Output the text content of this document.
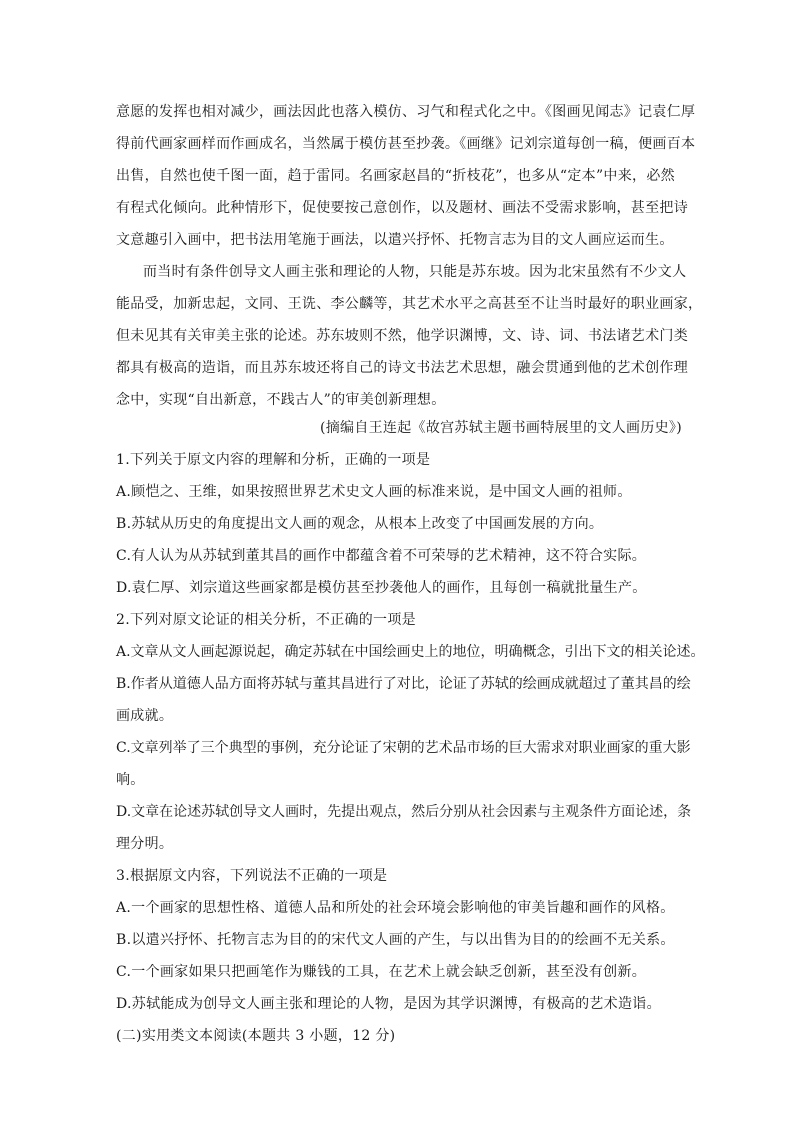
意愿的发挥也相对减少，画法因此也落入模仿、习气和程式化之中。《图画见闻志》记袁仁厚
得前代画家画样而作画成名，当然属于模仿甚至抄袭。《画继》记刘宗道每创一稿，便画百本
出售，自然也使千图一面，趋于雷同。名画家赵昌的“折枝花”，也多从“定本”中来，必然
有程式化倾向。此种情形下，促使要按己意创作，以及题材、画法不受需求影响，甚至把诗
文意趣引入画中，把书法用笔施于画法，以遣兴抒怀、托物言志为目的文人画应运而生。
而当时有条件创导文人画主张和理论的人物，只能是苏东坡。因为北宋虽然有不少文人
能品受，加新忠起，文同、王诜、李公麟等，其艺术水平之高甚至不让当时最好的职业画家，
但未见其有关审美主张的论述。苏东坡则不然，他学识渊博，文、诗、词、书法诸艺术门类
都具有极高的造诣，而且苏东坡还将自己的诗文书法艺术思想，融会贯通到他的艺术创作理
念中，实现“自出新意，不践古人”的审美创新理想。
(摘编自王连起《故宫苏轼主题书画特展里的文人画历史》)
1.下列关于原文内容的理解和分析，正确的一项是
A.顾恺之、王维，如果按照世界艺术史文人画的标准来说，是中国文人画的祖师。
B.苏轼从历史的角度提出文人画的观念，从根本上改变了中国画发展的方向。
C.有人认为从苏轼到董其昌的画作中都蕴含着不可荣辱的艺术精神，这不符合实际。
D.袁仁厚、刘宗道这些画家都是模仿甚至抄袭他人的画作，且每创一稿就批量生产。
2.下列对原文论证的相关分析，不正确的一项是
A.文章从文人画起源说起，确定苏轼在中国绘画史上的地位，明确概念，引出下文的相关论述。
B.作者从道德人品方面将苏轼与董其昌进行了对比，论证了苏轼的绘画成就超过了董其昌的绘
画成就。
C.文章列举了三个典型的事例，充分论证了宋朝的艺术品市场的巨大需求对职业画家的重大影
响。
D.文章在论述苏轼创导文人画时，先提出观点，然后分别从社会因素与主观条件方面论述，条
理分明。
3.根据原文内容，下列说法不正确的一项是
A.一个画家的思想性格、道德人品和所处的社会环境会影响他的审美旨趣和画作的风格。
B.以遣兴抒怀、托物言志为目的的宋代文人画的产生，与以出售为目的的绘画不无关系。
C.一个画家如果只把画笔作为赚钱的工具，在艺术上就会缺乏创新，甚至没有创新。
D.苏轼能成为创导文人画主张和理论的人物，是因为其学识渊博，有极高的艺术造诣。
(二)实用类文本阅读(本题共 3 小题，12 分)
